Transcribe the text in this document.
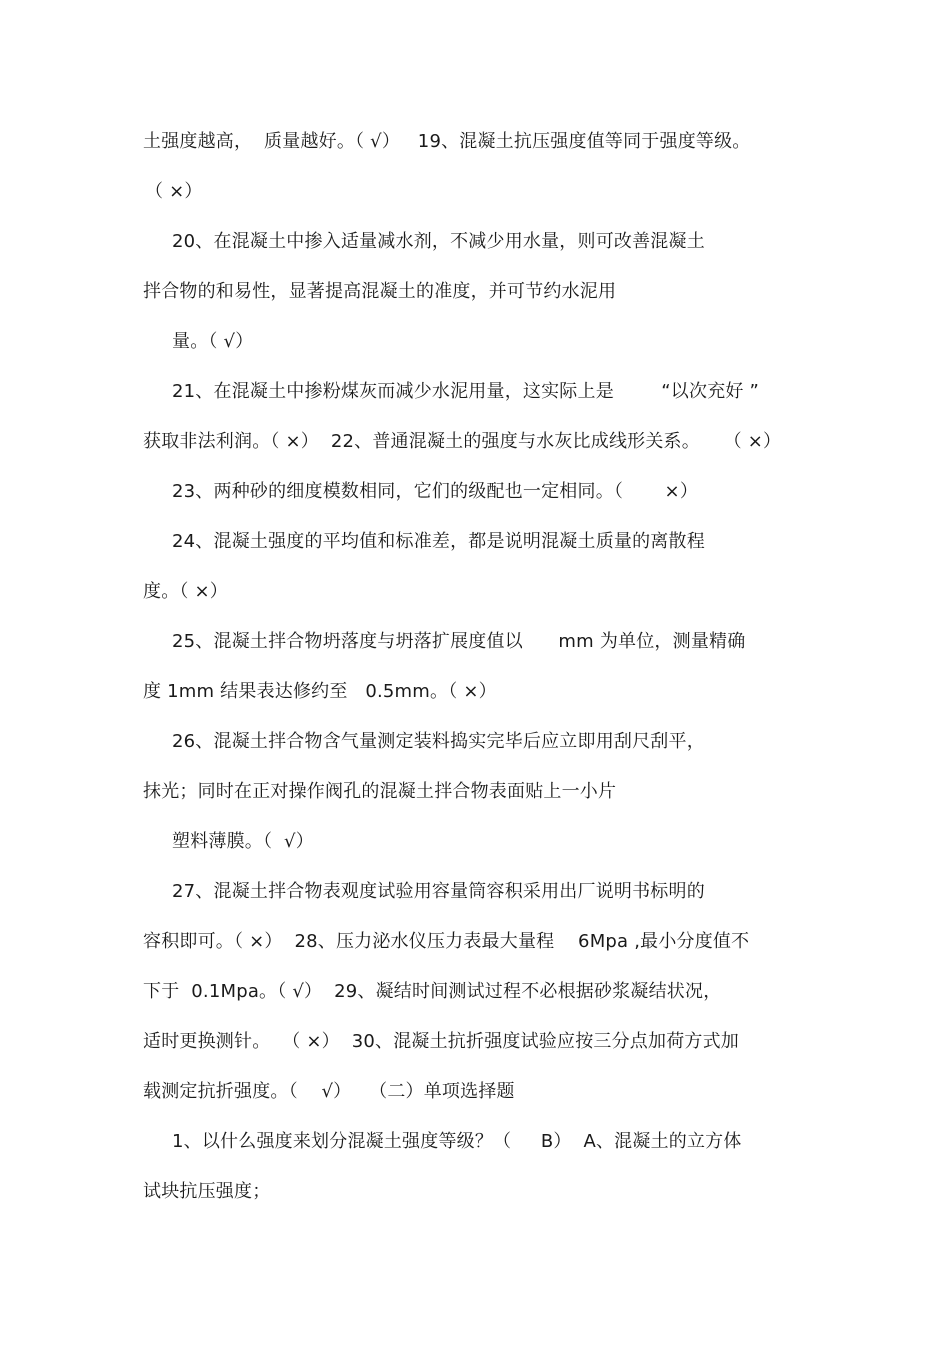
土强度越高，  质量越好。（ √）   19、混凝土抗压强度值等同于强度等级。
（ ×）
20、在混凝土中掺入适量减水剂，不减少用水量，则可改善混凝土
拌合物的和易性，显著提高混凝土的准度，并可节约水泥用
量。（ √）
21、在混凝土中掺粉煤灰而减少水泥用量，这实际上是        “以次充好 ”
获取非法利润。（ ×）  22、普通混凝土的强度与水灰比成线形关系。    （ ×）
23、两种砂的细度模数相同，它们的级配也一定相同。（       ×）
24、混凝土强度的平均值和标准差，都是说明混凝土质量的离散程
度。（ ×）
25、混凝土拌合物坍落度与坍落扩展度值以      mm 为单位，测量精确
度 1mm 结果表达修约至   0.5mm。（ ×）
26、混凝土拌合物含气量测定装料捣实完毕后应立即用刮尺刮平，
抹光；同时在正对操作阀孔的混凝土拌合物表面贴上一小片
塑料薄膜。（  √）
27、混凝土拌合物表观度试验用容量筒容积采用出厂说明书标明的
容积即可。（ ×）  28、压力泌水仪压力表最大量程    6Mpa ,最小分度值不
下于  0.1Mpa。（ √）  29、凝结时间测试过程不必根据砂浆凝结状况，
适时更换测针。  （ ×）  30、混凝土抗折强度试验应按三分点加荷方式加
载测定抗折强度。（    √）   （二）单项选择题
1、以什么强度来划分混凝土强度等级？（     B）  A、混凝土的立方体
试块抗压强度；
